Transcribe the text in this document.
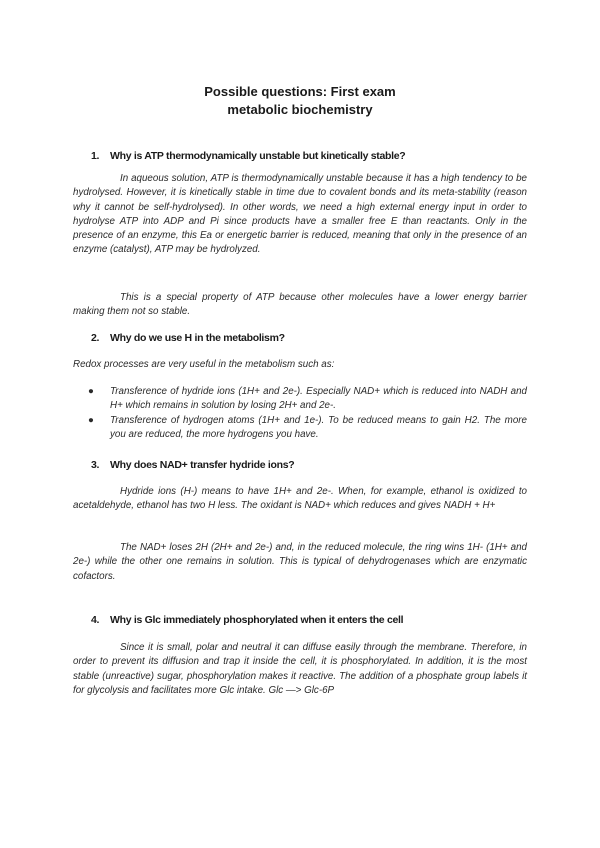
Possible questions: First exam
metabolic biochemistry
1. Why is ATP thermodynamically unstable but kinetically stable?
In aqueous solution, ATP is thermodynamically unstable because it has a high tendency to be hydrolysed. However, it is kinetically stable in time due to covalent bonds and its meta-stability (reason why it cannot be self-hydrolysed). In other words, we need a high external energy input in order to hydrolyse ATP into ADP and Pi since products have a smaller free E than reactants. Only in the presence of an enzyme, this Ea or energetic barrier is reduced, meaning that only in the presence of an enzyme (catalyst), ATP may be hydrolyzed.
This is a special property of ATP because other molecules have a lower energy barrier making them not so stable.
2. Why do we use H in the metabolism?
Redox processes are very useful in the metabolism such as:
● Transference of hydride ions (1H+ and 2e-). Especially NAD+ which is reduced into NADH and H+ which remains in solution by losing 2H+ and 2e-.
● Transference of hydrogen atoms (1H+ and 1e-). To be reduced means to gain H2. The more you are reduced, the more hydrogens you have.
3. Why does NAD+ transfer hydride ions?
Hydride ions (H-) means to have 1H+ and 2e-. When, for example, ethanol is oxidized to acetaldehyde, ethanol has two H less. The oxidant is NAD+ which reduces and gives NADH + H+
The NAD+ loses 2H (2H+ and 2e-) and, in the reduced molecule, the ring wins 1H- (1H+ and 2e-) while the other one remains in solution. This is typical of dehydrogenases which are enzymatic cofactors.
4. Why is Glc immediately phosphorylated when it enters the cell
Since it is small, polar and neutral it can diffuse easily through the membrane. Therefore, in order to prevent its diffusion and trap it inside the cell, it is phosphorylated. In addition, it is the most stable (unreactive) sugar, phosphorylation makes it reactive. The addition of a phosphate group labels it for glycolysis and facilitates more Glc intake. Glc —> Glc-6P
